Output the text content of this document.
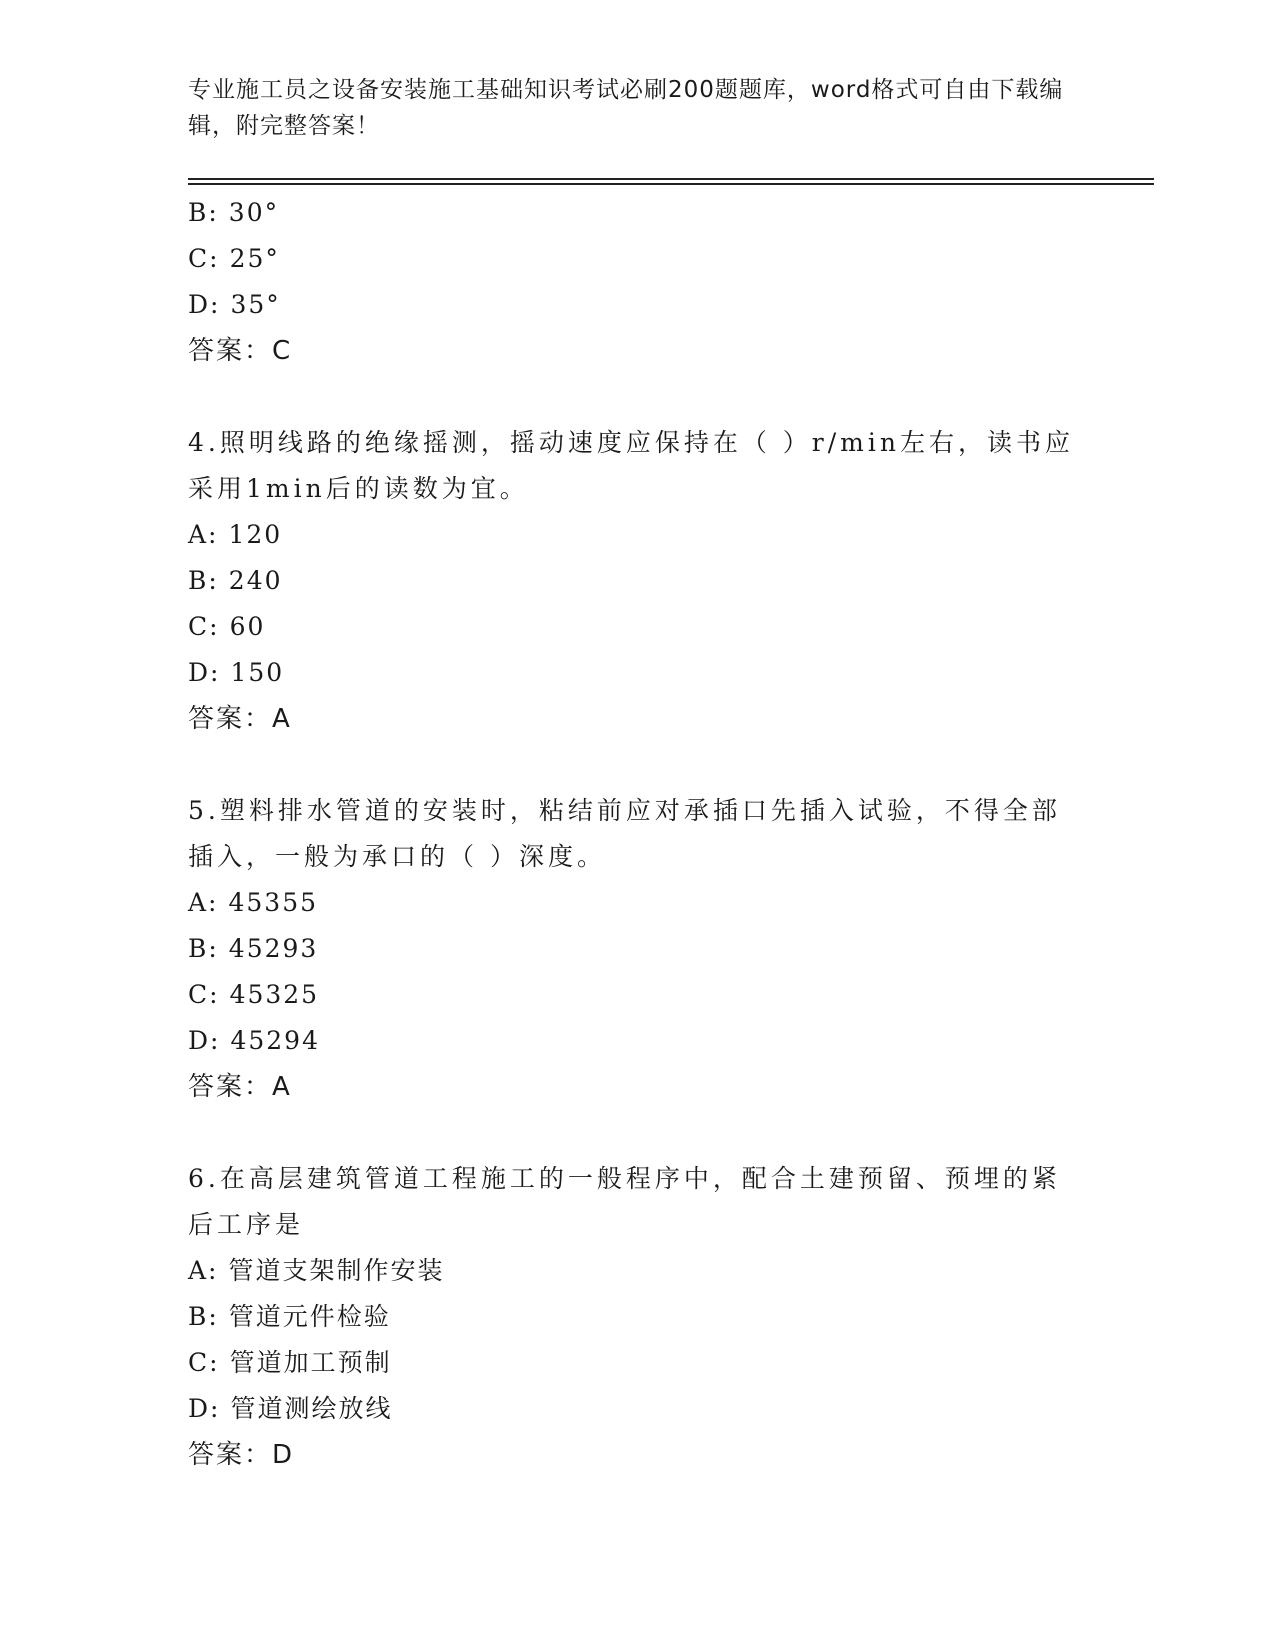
专业施工员之设备安装施工基础知识考试必刷200题题库，word格式可自由下载编辑，附完整答案！
B: 30°
C: 25°
D: 35°
答案：C
4.照明线路的绝缘摇测，摇动速度应保持在（ ）r/min左右，读书应采用1min后的读数为宜。
A: 120
B: 240
C: 60
D: 150
答案：A
5.塑料排水管道的安装时，粘结前应对承插口先插入试验，不得全部插入，一般为承口的（ ）深度。
A: 45355
B: 45293
C: 45325
D: 45294
答案：A
6.在高层建筑管道工程施工的一般程序中，配合土建预留、预埋的紧后工序是
A: 管道支架制作安装
B: 管道元件检验
C: 管道加工预制
D: 管道测绘放线
答案：D
